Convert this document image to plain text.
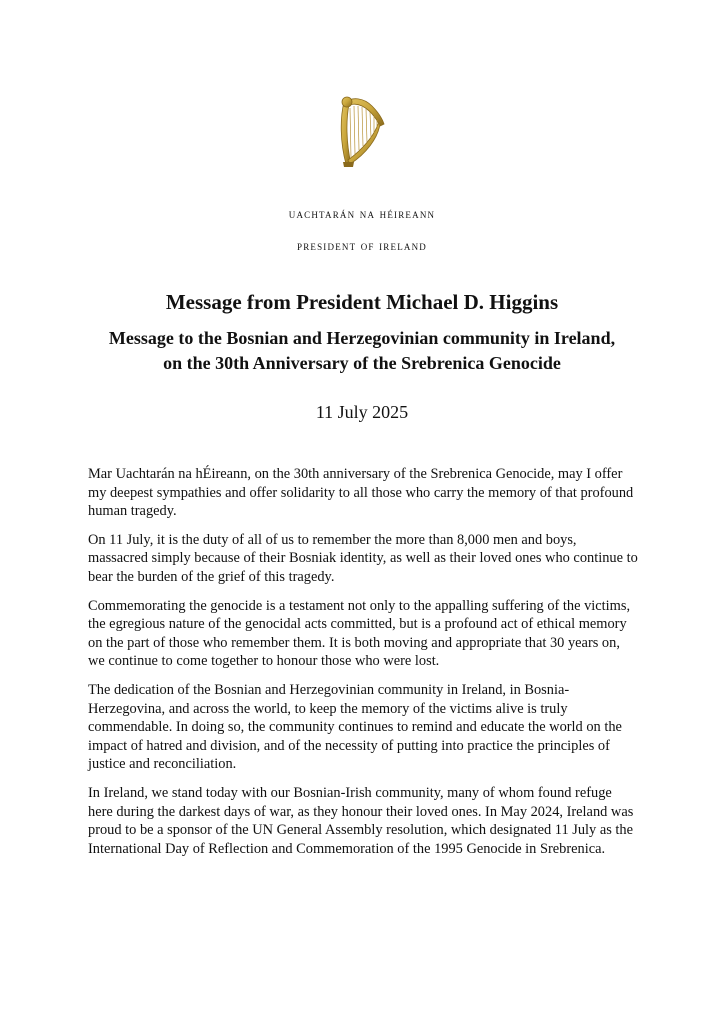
uachtarán na héireann
president of ireland
Message from President Michael D. Higgins
Message to the Bosnian and Herzegovinian community in Ireland,
on the 30th Anniversary of the Srebrenica Genocide
11 July 2025

Mar Uachtarán na hÉireann, on the 30th anniversary of the Srebrenica Genocide, may I offer my deepest sympathies and offer solidarity to all those who carry the memory of that profound human tragedy.

On 11 July, it is the duty of all of us to remember the more than 8,000 men and boys, massacred simply because of their Bosniak identity, as well as their loved ones who continue to bear the burden of the grief of this tragedy.

Commemorating the genocide is a testament not only to the appalling suffering of the victims, the egregious nature of the genocidal acts committed, but is a profound act of ethical memory on the part of those who remember them. It is both moving and appropriate that 30 years on, we continue to come together to honour those who were lost.

The dedication of the Bosnian and Herzegovinian community in Ireland, in Bosnia-Herzegovina, and across the world, to keep the memory of the victims alive is truly commendable. In doing so, the community continues to remind and educate the world on the impact of hatred and division, and of the necessity of putting into practice the principles of justice and reconciliation.

In Ireland, we stand today with our Bosnian-Irish community, many of whom found refuge here during the darkest days of war, as they honour their loved ones. In May 2024, Ireland was proud to be a sponsor of the UN General Assembly resolution, which designated 11 July as the International Day of Reflection and Commemoration of the 1995 Genocide in Srebrenica.
